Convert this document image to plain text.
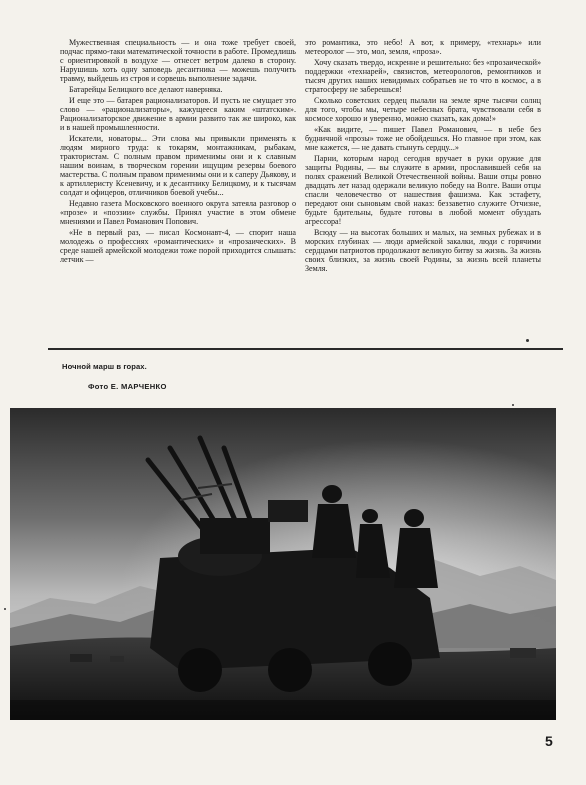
Мужественная специальность — и она тоже требует своей, подчас прямо-таки математической точности в работе. Промедлишь с ориентировкой в воздухе — отнесет ветром далеко в сторону. Нарушишь хоть одну заповедь десантника — можешь получить травму, выйдешь из строя и сорвешь выполнение задачи.

Батарейцы Белицкого все делают наверняка.

И еще это — батарея рационализаторов. И пусть не смущает это слово — «рационализаторы», кажущееся каким «штатским». Рационализаторское движение в армии развито так же широко, как и в нашей промышленности.

Искатели, новаторы... Эти слова мы привыкли применять к людям мирного труда: к токарям, монтажникам, рыбакам, трактористам. С полным правом применимы они и к славным нашим воинам, в творческом горении ищущим резервы боевого мастерства. С полным правом применимы они и к саперу Дьякову, и к артиллеристу Ксеневичу, и к десантнику Белицкому, и к тысячам солдат и офицеров, отличников боевой учебы...

Недавно газета Московского военного округа затеяла разговор о «прозе» и «поэзии» службы. Принял участие в этом обмене мнениями и Павел Романович Попович.

«Не в первый раз, — писал Космонавт-4, — спорит наша молодежь о профессиях «романтических» и «прозаических». В среде нашей армейской молодежи тоже порой приходится слышать: летчик —

это романтика, это небо! А вот, к примеру, «технарь» или метеоролог — это, мол, земля, «проза».

Хочу сказать твердо, искренне и решительно: без «прозаической» поддержки «технарей», связистов, метеорологов, ремонтников и тысяч других наших невидимых собратьев не то что в космос, а в стратосферу не заберешься!

Сколько советских сердец пылали на земле ярче тысячи солнц для того, чтобы мы, четыре небесных брата, чувствовали себя в космосе хорошо и уверенно, можно сказать, как дома!»

«Как видите, — пишет Павел Романович, — в небе без будничной «прозы» тоже не обойдешься. Но главное при этом, как мне кажется, — не давать стынуть сердцу...»

Парни, которым народ сегодня вручает в руки оружие для защиты Родины, — вы служите в армии, прославившей себя на полях сражений Великой Отечественной войны. Ваши отцы ровно двадцать лет назад одержали великую победу на Волге. Ваши отцы спасли человечество от нашествия фашизма. Как эстафету, передают они сыновьям свой наказ: беззаветно служите Отчизне, будьте бдительны, будьте готовы в любой момент обуздать агрессора!

Всюду — на высотах больших и малых, на земных рубежах и в морских глубинах — люди армейской закалки, люди с горячими сердцами патриотов продолжают великую битву за жизнь. За жизнь своих близких, за жизнь своей Родины, за жизнь всей планеты Земля.

Ночной марш в горах.
Фото Е. МАРЧЕНКО
5
